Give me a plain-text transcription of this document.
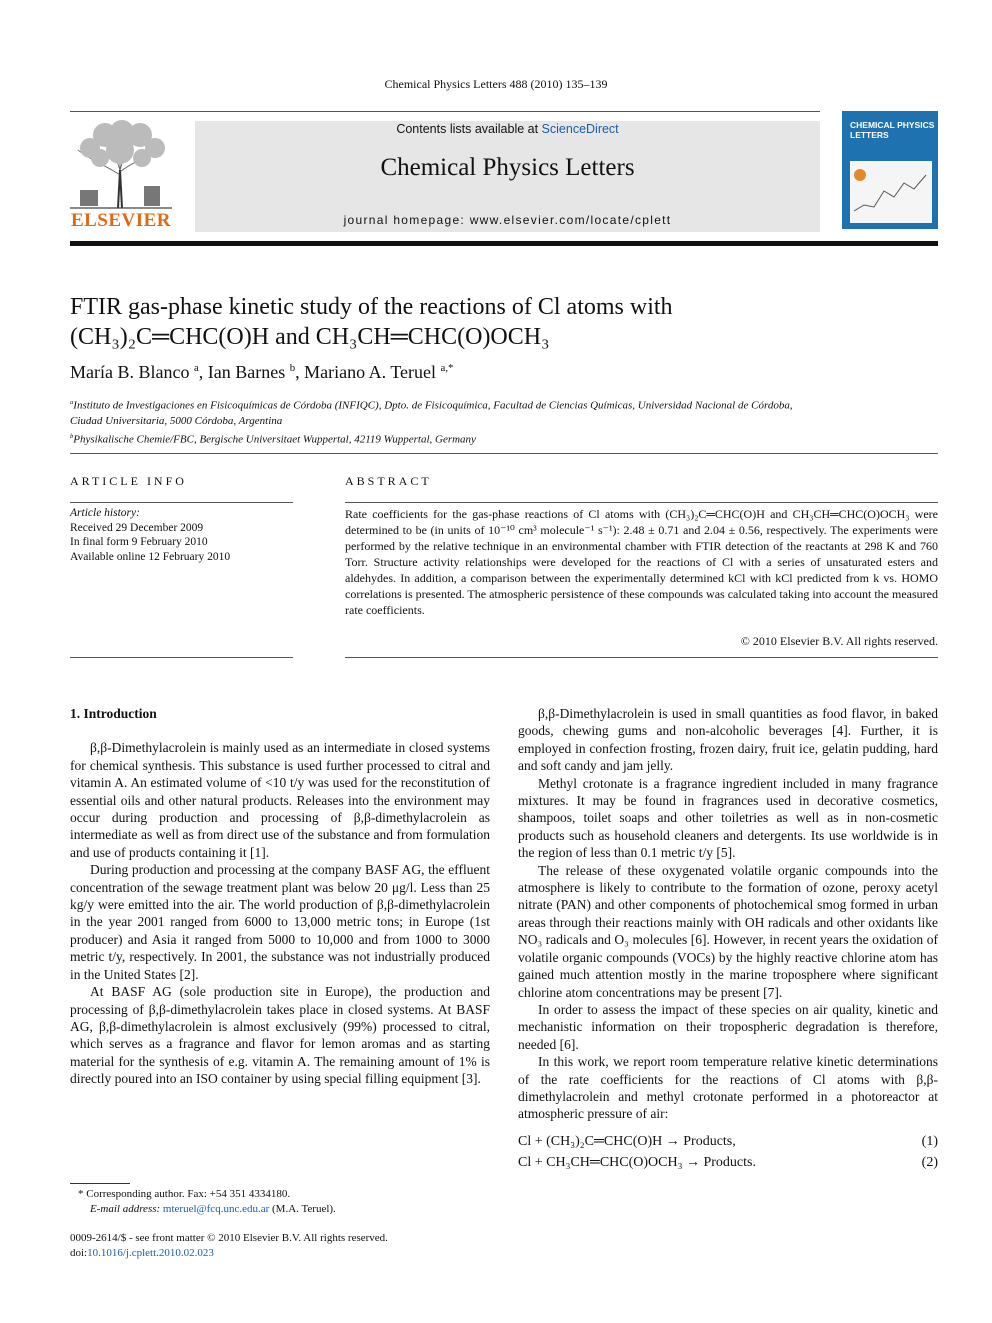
Chemical Physics Letters 488 (2010) 135–139
ELSEVIER
Contents lists available at ScienceDirect
Chemical Physics Letters
journal homepage: www.elsevier.com/locate/cplett
CHEMICAL PHYSICS LETTERS
FTIR gas-phase kinetic study of the reactions of Cl atoms with
(CH₃)₂C═CHC(O)H and CH₃CH═CHC(O)OCH₃
María B. Blanco $^a$, Ian Barnes $^b$, Mariano A. Teruel $^{a,*}$
$^a$Instituto de Investigaciones en Fisicoquímicas de Córdoba (INFIQC), Dpto. de Fisicoquímica, Facultad de Ciencias Químicas, Universidad Nacional de Córdoba,
Ciudad Universitaria, 5000 Córdoba, Argentina
$^b$Physikalische Chemie/FBC, Bergische Universitaet Wuppertal, 42119 Wuppertal, Germany
ARTICLE INFO	ABSTRACT
Article history:
Received 29 December 2009
In final form 9 February 2010
Available online 12 February 2010
Rate coefficients for the gas-phase reactions of Cl atoms with (CH₃)₂C═CHC(O)H and CH₃CH═CHC(O)OCH₃ were determined to be (in units of 10⁻¹⁰ cm³ molecule⁻¹ s⁻¹): 2.48 ± 0.71 and 2.04 ± 0.56, respectively. The experiments were performed by the relative technique in an environmental chamber with FTIR detection of the reactants at 298 K and 760 Torr. Structure activity relationships were developed for the reactions of Cl with a series of unsaturated esters and aldehydes. In addition, a comparison between the experimentally determined kCl with kCl predicted from k vs. HOMO correlations is presented. The atmospheric persistence of these compounds was calculated taking into account the measured rate coefficients.
© 2010 Elsevier B.V. All rights reserved.

1. Introduction

β,β-Dimethylacrolein is mainly used as an intermediate in closed systems for chemical synthesis. This substance is used further processed to citral and vitamin A. An estimated volume of <10 t/y was used for the reconstitution of essential oils and other natural products. Releases into the environment may occur during production and processing of β,β-dimethylacrolein as intermediate as well as from direct use of the substance and from formulation and use of products containing it [1].

During production and processing at the company BASF AG, the effluent concentration of the sewage treatment plant was below 20 μg/l. Less than 25 kg/y were emitted into the air. The world production of β,β-dimethylacrolein in the year 2001 ranged from 6000 to 13,000 metric tons; in Europe (1st producer) and Asia it ranged from 5000 to 10,000 and from 1000 to 3000 metric t/y, respectively. In 2001, the substance was not industrially produced in the United States [2].

At BASF AG (sole production site in Europe), the production and processing of β,β-dimethylacrolein takes place in closed systems. At BASF AG, β,β-dimethylacrolein is almost exclusively (99%) processed to citral, which serves as a fragrance and flavor for lemon aromas and as starting material for the synthesis of e.g. vitamin A. The remaining amount of 1% is directly poured into an ISO container by using special filling equipment [3].

β,β-Dimethylacrolein is used in small quantities as food flavor, in baked goods, chewing gums and non-alcoholic beverages [4]. Further, it is employed in confection frosting, frozen dairy, fruit ice, gelatin pudding, hard and soft candy and jam jelly.

Methyl crotonate is a fragrance ingredient included in many fragrance mixtures. It may be found in fragrances used in decorative cosmetics, shampoos, toilet soaps and other toiletries as well as in non-cosmetic products such as household cleaners and detergents. Its use worldwide is in the region of less than 0.1 metric t/y [5].

The release of these oxygenated volatile organic compounds into the atmosphere is likely to contribute to the formation of ozone, peroxy acetyl nitrate (PAN) and other components of photochemical smog formed in urban areas through their reactions mainly with OH radicals and other oxidants like NO₃ radicals and O₃ molecules [6]. However, in recent years the oxidation of volatile organic compounds (VOCs) by the highly reactive chlorine atom has gained much attention mostly in the marine troposphere where significant chlorine atom concentrations may be present [7].

In order to assess the impact of these species on air quality, kinetic and mechanistic information on their tropospheric degradation is therefore, needed [6].

In this work, we report room temperature relative kinetic determinations of the rate coefficients for the reactions of Cl atoms with β,β-dimethylacrolein and methyl crotonate performed in a photoreactor at atmospheric pressure of air:

Cl + (CH₃)₂C═CHC(O)H → Products,	(1)
Cl + CH₃CH═CHC(O)OCH₃ → Products.	(2)
* Corresponding author. Fax: +54 351 4334180.
E-mail address: mteruel@fcq.unc.edu.ar (M.A. Teruel).
0009-2614/$ - see front matter © 2010 Elsevier B.V. All rights reserved.
doi:10.1016/j.cplett.2010.02.023
